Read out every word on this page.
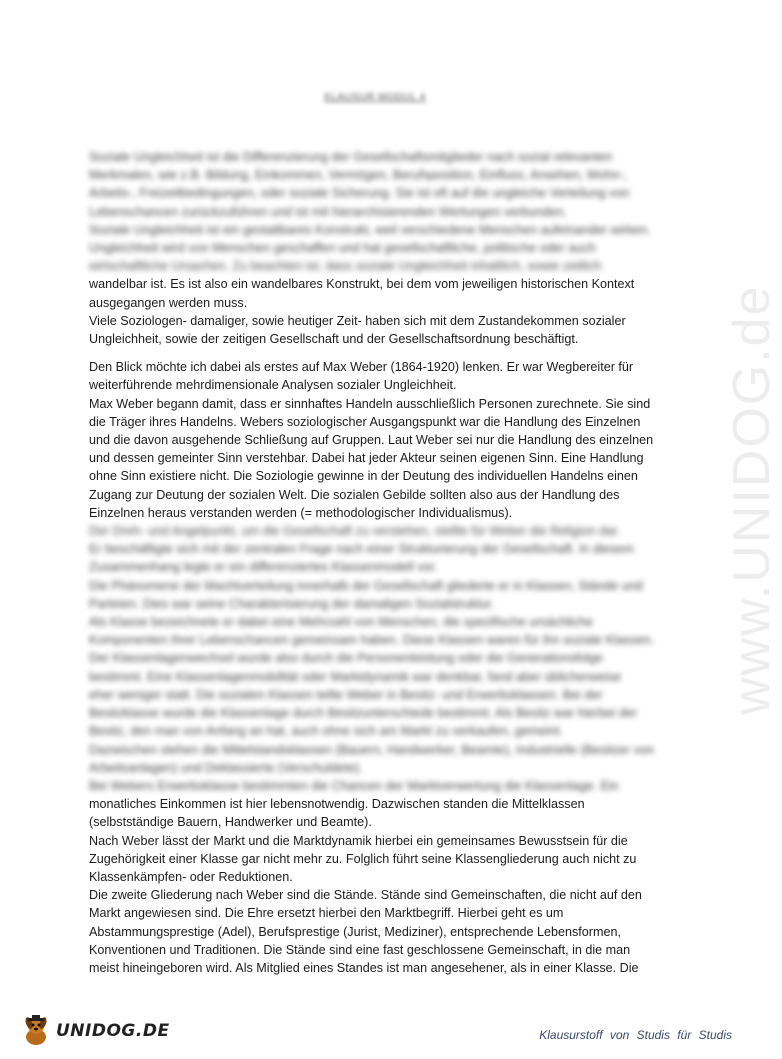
www.UNIDOG.de
KLAUSUR MODUL 4

Soziale Ungleichheit ist die Differenzierung der Gesellschaftsmitglieder nach sozial relevanten

Merkmalen, wie z.B. Bildung, Einkommen, Vermögen, Berufsposition, Einfluss, Ansehen, Wohn-,

Arbeits-, Freizeitbedingungen, oder soziale Sicherung. Sie ist oft auf die ungleiche Verteilung von

Lebenschancen zurückzuführen und ist mit hierarchisierenden Wertungen verbunden.

Soziale Ungleichheit ist ein gestaltbares Konstrukt, weil verschiedene Menschen aufeinander wirken.

Ungleichheit wird von Menschen geschaffen und hat gesellschaftliche, politische oder auch

wirtschaftliche Ursachen. Zu beachten ist, dass soziale Ungleichheit inhaltlich, sowie zeitlich

wandelbar ist. Es ist also ein wandelbares Konstrukt, bei dem vom jeweiligen historischen Kontext

ausgegangen werden muss.

Viele Soziologen- damaliger, sowie heutiger Zeit- haben sich mit dem Zustandekommen sozialer

Ungleichheit, sowie der zeitigen Gesellschaft und der Gesellschaftsordnung beschäftigt.

Den Blick möchte ich dabei als erstes auf Max Weber (1864-1920) lenken. Er war Wegbereiter für

weiterführende mehrdimensionale Analysen sozialer Ungleichheit.

Max Weber begann damit, dass er sinnhaftes Handeln ausschließlich Personen zurechnete. Sie sind

die Träger ihres Handelns. Webers soziologischer Ausgangspunkt war die Handlung des Einzelnen

und die davon ausgehende Schließung auf Gruppen. Laut Weber sei nur die Handlung des einzelnen

und dessen gemeinter Sinn verstehbar. Dabei hat jeder Akteur seinen eigenen Sinn. Eine Handlung

ohne Sinn existiere nicht. Die Soziologie gewinne in der Deutung des individuellen Handelns einen

Zugang zur Deutung der sozialen Welt. Die sozialen Gebilde sollten also aus der Handlung des

Einzelnen heraus verstanden werden (= methodologischer Individualismus).

Der Dreh- und Angelpunkt, um die Gesellschaft zu verstehen, stellte für Weber die Religion dar.

Er beschäftigte sich mit der zentralen Frage nach einer Strukturierung der Gesellschaft. In diesem

Zusammenhang legte er ein differenziertes Klassenmodell vor.

Die Phänomene der Machtverteilung innerhalb der Gesellschaft gliederte er in Klassen, Stände und

Parteien. Dies war seine Charakterisierung der damaligen Sozialstruktur.

Als Klasse bezeichnete er dabei eine Mehrzahl von Menschen, die spezifische ursächliche

Komponenten ihrer Lebenschancen gemeinsam haben. Diese Klassen waren für ihn soziale Klassen.

Der Klassenlagenwechsel wurde also durch die Personenleistung oder die Generationsfolge

bestimmt. Eine Klassenlagenmobilität oder Marktdynamik war denkbar, fand aber üblicherweise

eher weniger statt. Die sozialen Klassen teilte Weber in Besitz- und Erwerbsklassen. Bei der

Besitzklasse wurde die Klassenlage durch Besitzunterschiede bestimmt. Als Besitz war hierbei der

Besitz, den man von Anfang an hat, auch ohne sich am Markt zu verkaufen, gemeint.

Dazwischen stehen die Mittelstandsklassen (Bauern, Handwerker, Beamte), Industrielle (Besitzer von

Arbeitsanlagen) und Deklassierte (Verschuldete).

Bei Webers Erwerbsklasse bestimmten die Chancen der Marktverwertung die Klassenlage. Ein

monatliches Einkommen ist hier lebensnotwendig. Dazwischen standen die Mittelklassen

(selbstständige Bauern, Handwerker und Beamte).

Nach Weber lässt der Markt und die Marktdynamik hierbei ein gemeinsames Bewusstsein für die

Zugehörigkeit einer Klasse gar nicht mehr zu. Folglich führt seine Klassengliederung auch nicht zu

Klassenkämpfen- oder Reduktionen.

Die zweite Gliederung nach Weber sind die Stände. Stände sind Gemeinschaften, die nicht auf den

Markt angewiesen sind. Die Ehre ersetzt hierbei den Marktbegriff. Hierbei geht es um

Abstammungsprestige (Adel), Berufsprestige (Jurist, Mediziner), entsprechende Lebensformen,

Konventionen und Traditionen. Die Stände sind eine fast geschlossene Gemeinschaft, in die man

meist hineingeboren wird. Als Mitglied eines Standes ist man angesehener, als in einer Klasse. Die

UNIDOG.DE	Klausurstoff von Studis für Studis
